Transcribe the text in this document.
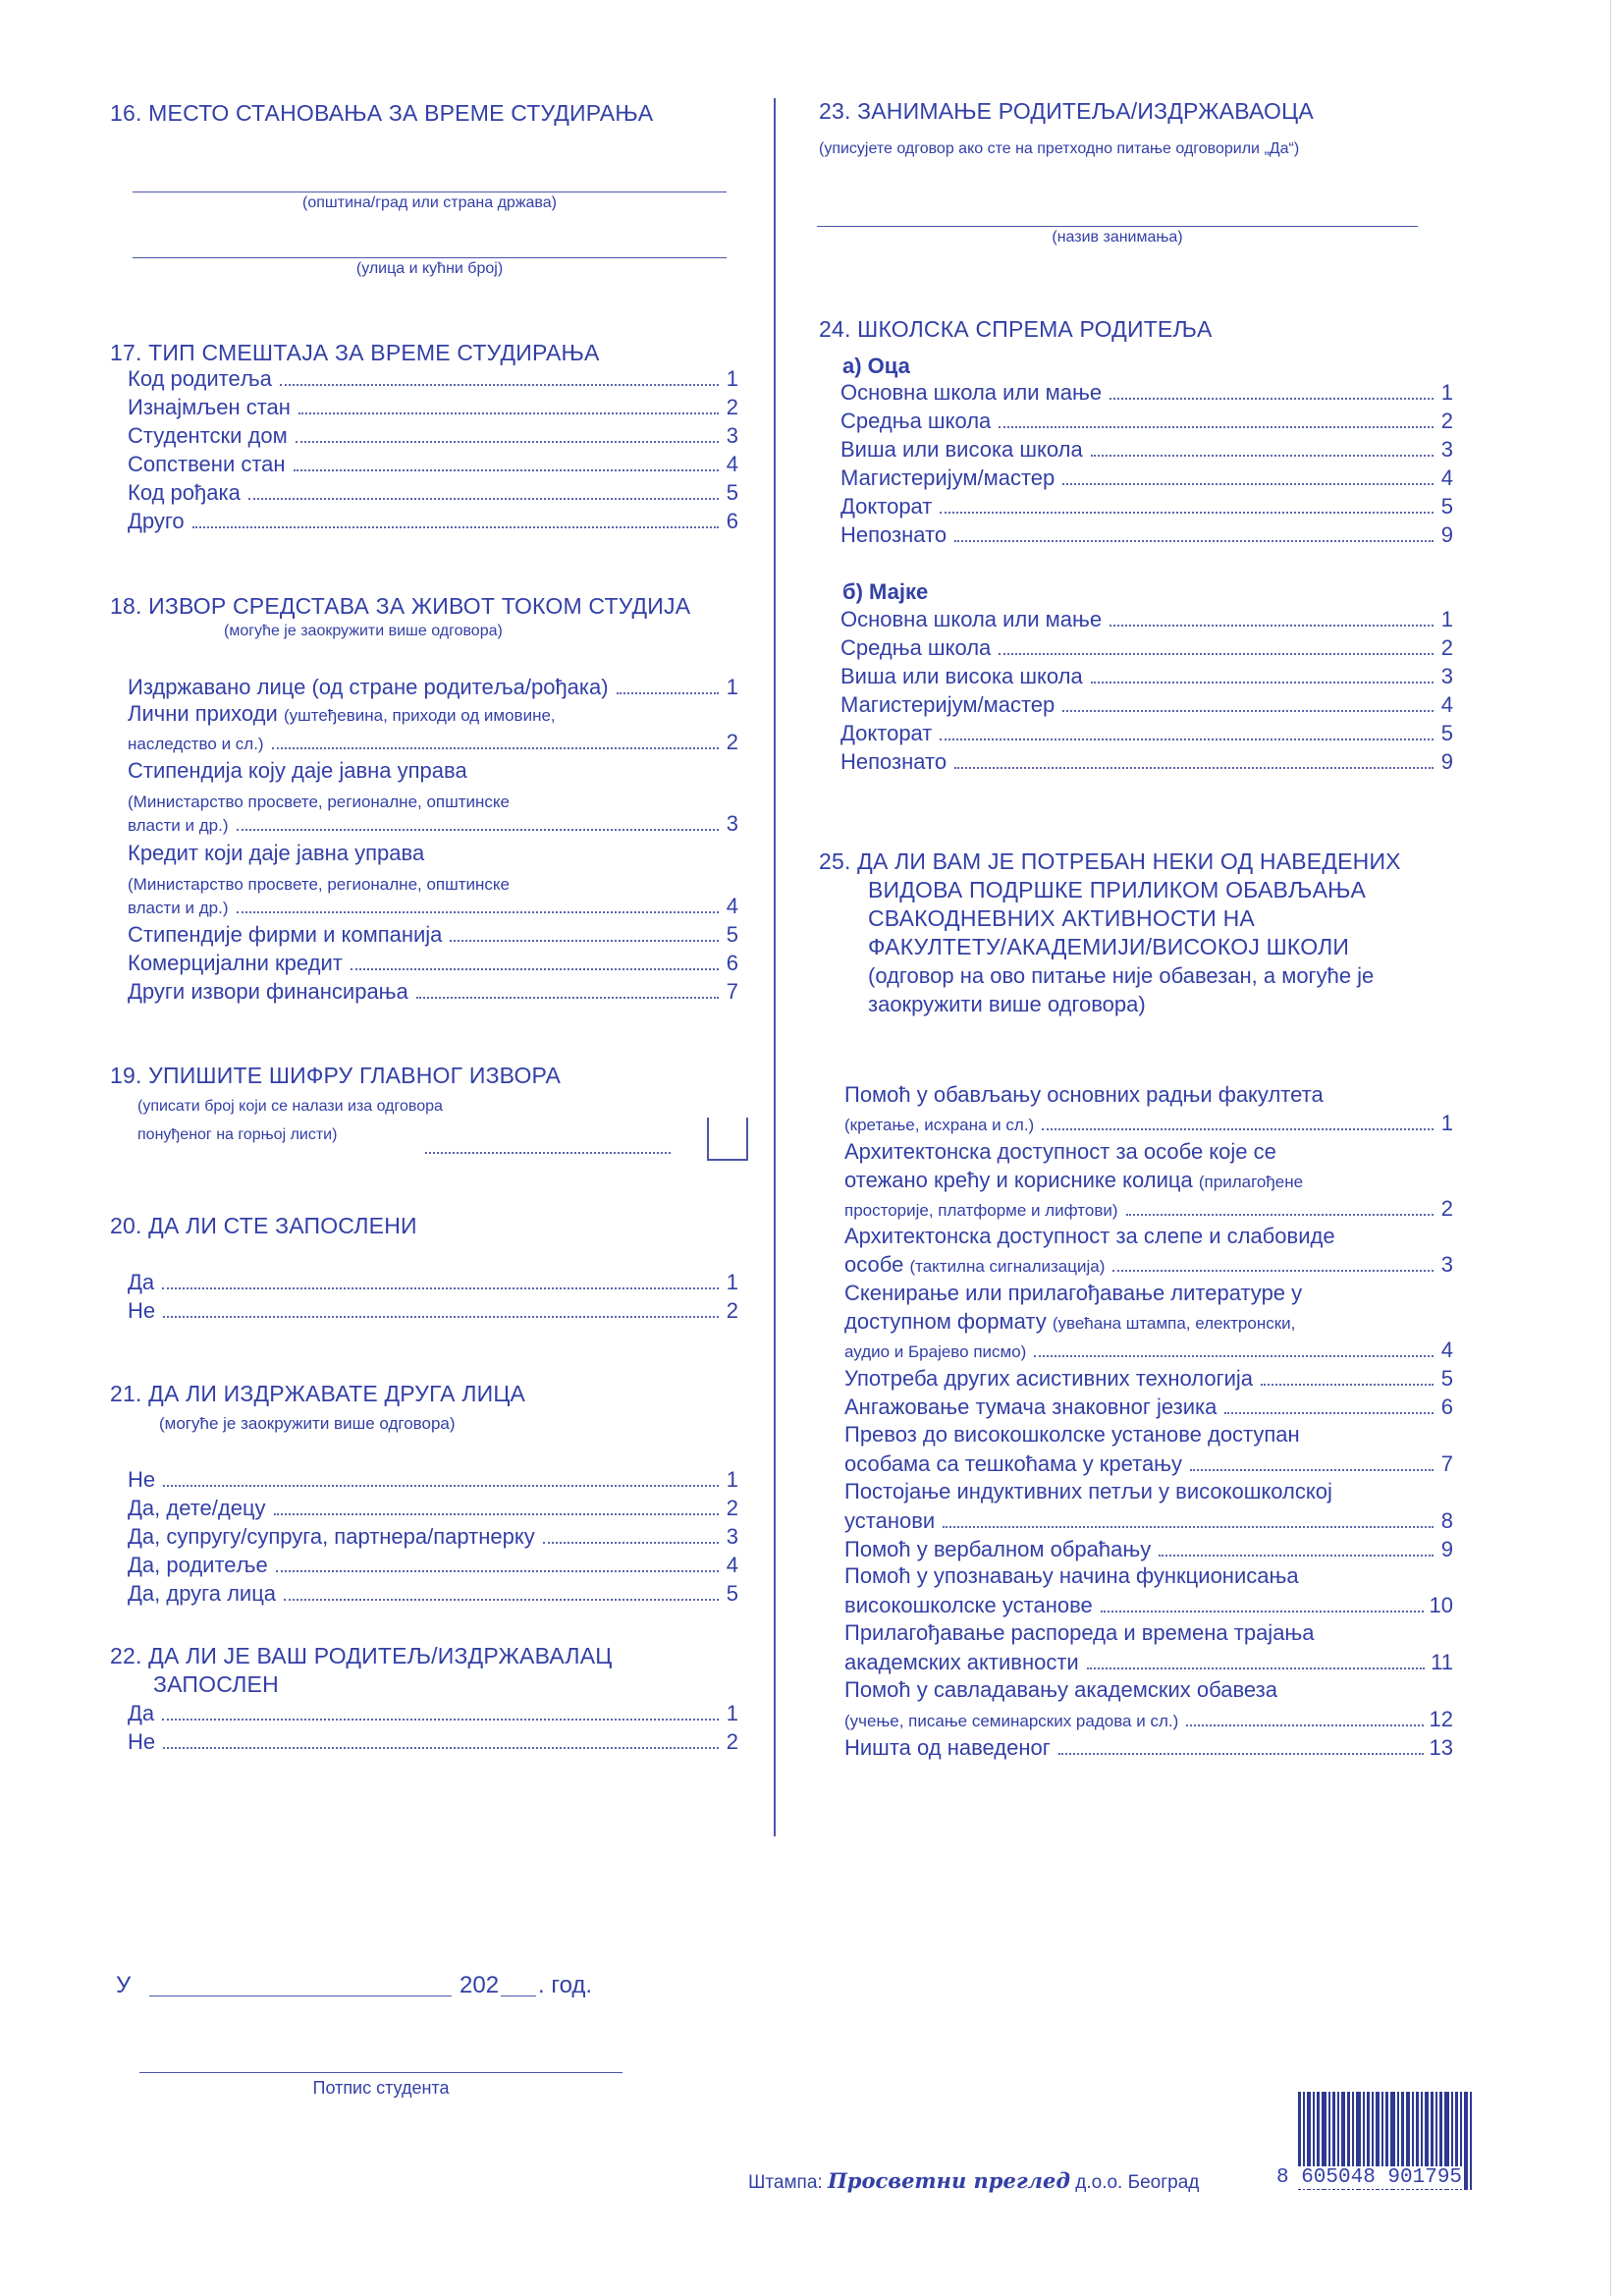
16. МЕСТО СТАНОВАЊА ЗА ВРЕМЕ СТУДИРАЊА
(општина/град или страна држава)
(улица и кућни број)
17. ТИП СМЕШТАЈА ЗА ВРЕМЕ СТУДИРАЊА
Код родитеља	1
Изнајмљен стан	2
Студентски дом	3
Сопствени стан	4
Код рођака	5
Друго	6
18. ИЗВОР СРЕДСТАВА ЗА ЖИВОТ ТОКОМ СТУДИЈА
(могуће је заокружити више одговора)
Издржавано лице (од стране родитеља/рођака)	1
Лични приходи (уштеђевина, приходи од имовине,
наследство и сл.)	2
Стипендија коју даје јавна управа
(Министарство просвете, регионалне, општинске
власти и др.)	3
Кредит који даје јавна управа
(Министарство просвете, регионалне, општинске
власти и др.)	4
Стипендије фирми и компанија	5
Комерцијални кредит	6
Други извори финансирања	7
19. УПИШИТЕ ШИФРУ ГЛАВНОГ ИЗВОРА
(уписати број који се налази иза одговора
понуђеног на горњој листи)
20. ДА ЛИ СТЕ ЗАПОСЛЕНИ
Да	1
Не	2
21. ДА ЛИ ИЗДРЖАВАТЕ ДРУГА ЛИЦА
(могуће је заокружити више одговора)
Не	1
Да, дете/децу	2
Да, супругу/супруга, партнера/партнерку	3
Да, родитеље	4
Да, друга лица	5
22. ДА ЛИ ЈЕ ВАШ РОДИТЕЉ/ИЗДРЖАВАЛАЦ
ЗАПОСЛЕН
Да	1
Не	2
23. ЗАНИМАЊЕ РОДИТЕЉА/ИЗДРЖАВАОЦА
(уписујете одговор ако сте на претходно питање одговорили „Да“)
(назив занимања)
24. ШКОЛСКА СПРЕМА РОДИТЕЉА
а) Оца
Основна школа или мање	1
Средња школа	2
Виша или висока школа	3
Магистеријум/мастер	4
Докторат	5
Непознато	9
б) Мајке
Основна школа или мање	1
Средња школа	2
Виша или висока школа	3
Магистеријум/мастер	4
Докторат	5
Непознато	9
25. ДА ЛИ ВАМ ЈЕ ПОТРЕБАН НЕКИ ОД НАВЕДЕНИХ
ВИДОВА ПОДРШКЕ ПРИЛИКОМ ОБАВЉАЊА
СВАКОДНЕВНИХ АКТИВНОСТИ НА
ФАКУЛТЕТУ/АКАДЕМИЈИ/ВИСОКОЈ ШКОЛИ
(одговор на ово питање није обавезан, а могуће је
заокружити више одговора)
Помоћ у обављању основних радњи факултета
(кретање, исхрана и сл.)	1
Архитектонска доступност за особе које се
отежано крећу и кориснике колица (прилагођене
просторије, платформе и лифтови)	2
Архитектонска доступност за слепе и слабовиде
особе (тактилна сигнализација)	3
Скенирање или прилагођавање литературе у
доступном формату (увећана штампа, електронски,
аудио и Брајево писмо)	4
Употреба других асистивних технологија	5
Ангажовање тумача знаковног језика	6
Превоз до високошколске установе доступан
особама са тешкоћама у кретању	7
Постојање индуктивних петљи у високошколској
установи	8
Помоћ у вербалном обраћању	9
Помоћ у упознавању начина функционисања
високошколске установе	10
Прилагођавање распореда и времена трајања
академских активности	11
Помоћ у савладавању академских обавеза
(учење, писање семинарских радова и сл.)	12
Ништа од наведеног	13
У	202 . год.
Потпис студента
Штампа: Просветни преглед д.о.о. Београд	8 605048 901795
